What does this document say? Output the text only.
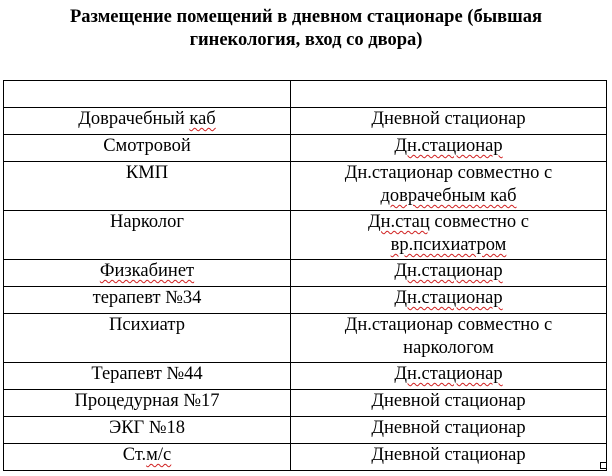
Размещение помещений в дневном стационаре (бывшая
гинекология, вход со двора)

Доврачебный каб	Дневной стационар
Смотровой	Дн.стационар
КМП	Дн.стационар совместно с
доврачебным каб

Нарколог	Дн.стац совместно с
вр.психиатром

Физкабинет	Дн.стационар
терапевт №34	Дн.стационар
Психиатр	Дн.стационар совместно с
наркологом

Терапевт №44	Дн.стационар
Процедурная №17	Дневной стационар
ЭКГ №18	Дневной стационар
Ст.м/с	Дневной стационар
